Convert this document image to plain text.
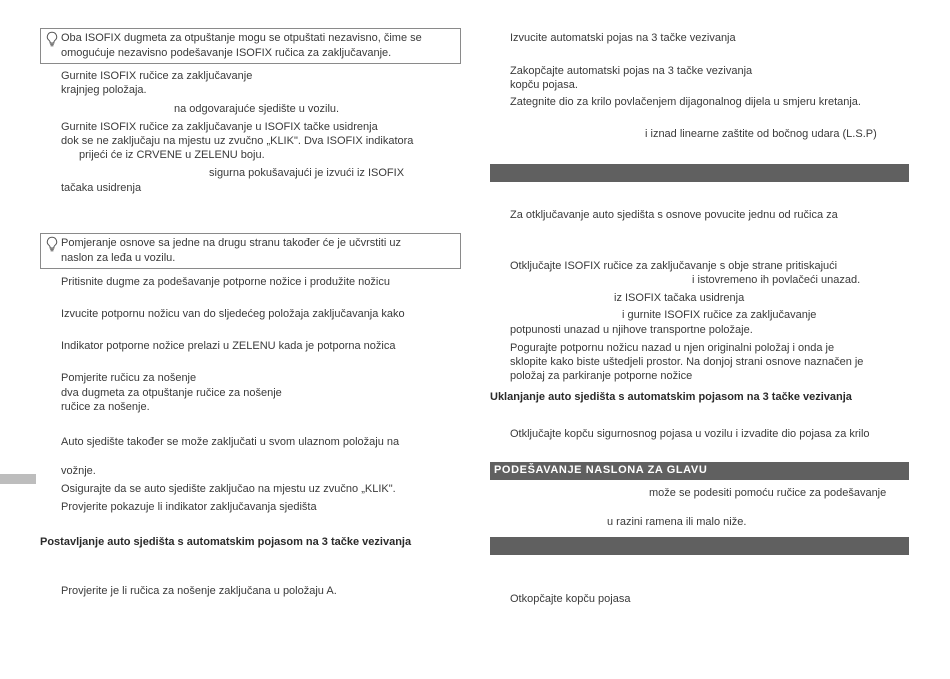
Oba ISOFIX dugmeta za otpuštanje mogu se otpuštati nezavisno, čime se
omogućuje nezavisno podešavanje ISOFIX ručica za zaključavanje.
Gurnite ISOFIX ručice za zaključavanje
krajnjeg položaja.
na odgovarajuće sjedište u vozilu.
Gurnite ISOFIX ručice za zaključavanje u ISOFIX tačke usidrenja
dok se ne zaključaju na mjestu uz zvučno „KLIK". Dva ISOFIX indikatora
prijeći će iz CRVENE u ZELENU boju.
sigurna pokušavajući je izvući iz ISOFIX
tačaka usidrenja
Pomjeranje osnove sa jedne na drugu stranu također će je učvrstiti uz
naslon za leđa u vozilu.
Pritisnite dugme za podešavanje potporne nožice i produžite nožicu
Izvucite potpornu nožicu van do sljedećeg položaja zaključavanja kako
Indikator potporne nožice prelazi u ZELENU kada je potporna nožica
Pomjerite ručicu za nošenje
dva dugmeta za otpuštanje ručice za nošenje
ručice za nošenje.
Auto sjedište također se može zaključati u svom ulaznom položaju na
vožnje.
Osigurajte da se auto sjedište zaključao na mjestu uz zvučno „KLIK".
Provjerite pokazuje li indikator zaključavanja sjedišta
Postavljanje auto sjedišta s automatskim pojasom na 3 tačke vezivanja
Provjerite je li ručica za nošenje zaključana u položaju A.
Izvucite automatski pojas na 3 tačke vezivanja
Zakopčajte automatski pojas na 3 tačke vezivanja
kopču pojasa.
Zategnite dio za krilo povlačenjem dijagonalnog dijela u smjeru kretanja.
i iznad linearne zaštite od bočnog udara (L.S.P)
Za otključavanje auto sjedišta s osnove povucite jednu od ručica za
Otključajte ISOFIX ručice za zaključavanje s obje strane pritiskajući
i istovremeno ih povlačeći unazad.
iz ISOFIX tačaka usidrenja
i gurnite ISOFIX ručice za zaključavanje
potpunosti unazad u njihove transportne položaje.
Pogurajte potpornu nožicu nazad u njen originalni položaj i onda je
sklopite kako biste uštedjeli prostor. Na donjoj strani osnove naznačen je
položaj za parkiranje potporne nožice
Uklanjanje auto sjedišta s automatskim pojasom na 3 tačke vezivanja
Otključajte kopču sigurnosnog pojasa u vozilu i izvadite dio pojasa za krilo
PODEŠAVANJE NASLONA ZA GLAVU
može se podesiti pomoću ručice za podešavanje
u razini ramena ili malo niže.
Otkopčajte kopču pojasa
